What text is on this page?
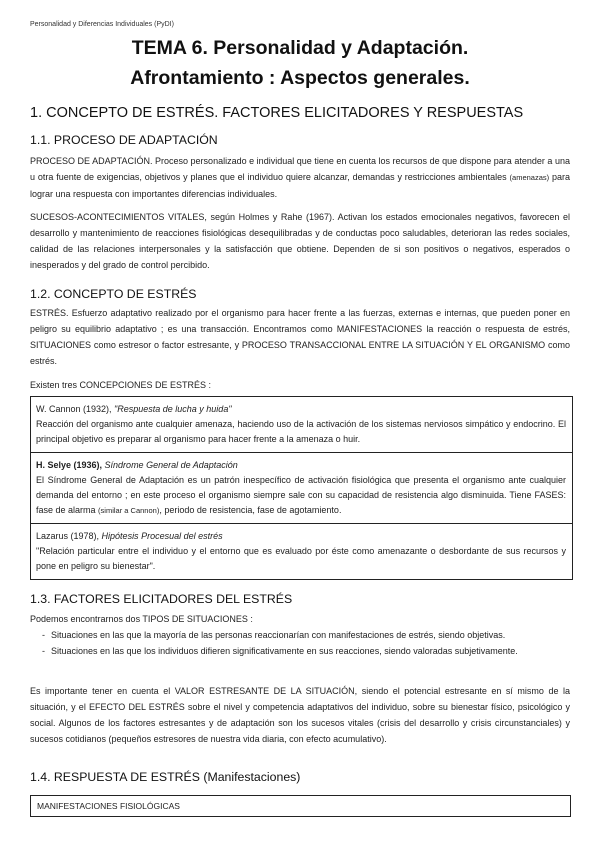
Personalidad y Diferencias Individuales (PyDI)
TEMA 6. Personalidad y Adaptación.
Afrontamiento : Aspectos generales.
1. CONCEPTO DE ESTRÉS. FACTORES ELICITADORES Y RESPUESTAS
1.1. PROCESO DE ADAPTACIÓN
PROCESO DE ADAPTACIÓN. Proceso personalizado e individual que tiene en cuenta los recursos de que dispone para atender a una u otra fuente de exigencias, objetivos y planes que el individuo quiere alcanzar, demandas y restricciones ambientales (amenazas) para lograr una respuesta con importantes diferencias individuales.
SUCESOS-ACONTECIMIENTOS VITALES, según Holmes y Rahe (1967). Activan los estados emocionales negativos, favorecen el desarrollo y mantenimiento de reacciones fisiológicas desequilibradas y de conductas poco saludables, deterioran las redes sociales, calidad de las relaciones interpersonales y la satisfacción que obtiene. Dependen de si son positivos o negativos, esperados o inesperados y del grado de control percibido.
1.2. CONCEPTO DE ESTRÉS
ESTRÉS. Esfuerzo adaptativo realizado por el organismo para hacer frente a las fuerzas, externas e internas, que pueden poner en peligro su equilibrio adaptativo ; es una transacción. Encontramos como MANIFESTACIONES la reacción o respuesta de estrés, SITUACIONES como estresor o factor estresante, y PROCESO TRANSACCIONAL ENTRE LA SITUACIÓN Y EL ORGANISMO como estrés.
Existen tres CONCEPCIONES DE ESTRÉS :
W. Cannon (1932), "Respuesta de lucha y huida"
Reacción del organismo ante cualquier amenaza, haciendo uso de la activación de los sistemas nerviosos simpático y endocrino. El principal objetivo es preparar al organismo para hacer frente a la amenaza o huir.
H. Selye (1936), Síndrome General de Adaptación
El Síndrome General de Adaptación es un patrón inespecífico de activación fisiológica que presenta el organismo ante cualquier demanda del entorno ; en este proceso el organismo siempre sale con su capacidad de resistencia algo disminuida. Tiene FASES: fase de alarma (similar a Cannon), periodo de resistencia, fase de agotamiento.
Lazarus (1978), Hipótesis Procesual del estrés
"Relación particular entre el individuo y el entorno que es evaluado por éste como amenazante o desbordante de sus recursos y pone en peligro su bienestar".
1.3. FACTORES ELICITADORES DEL ESTRÉS
Podemos encontrarnos dos TIPOS DE SITUACIONES :
- Situaciones en las que la mayoría de las personas reaccionarían con manifestaciones de estrés, siendo objetivas.
- Situaciones en las que los individuos difieren significativamente en sus reacciones, siendo valoradas subjetivamente.
Es importante tener en cuenta el VALOR ESTRESANTE DE LA SITUACIÓN, siendo el potencial estresante en sí mismo de la situación, y el EFECTO DEL ESTRÉS sobre el nivel y competencia adaptativos del individuo, sobre su bienestar físico, psicológico y social. Algunos de los factores estresantes y de adaptación son los sucesos vitales (crisis del desarrollo y crisis circunstanciales) y sucesos cotidianos (pequeños estresores de nuestra vida diaria, con efecto acumulativo).
1.4. RESPUESTA DE ESTRÉS (Manifestaciones)
MANIFESTACIONES FISIOLÓGICAS
